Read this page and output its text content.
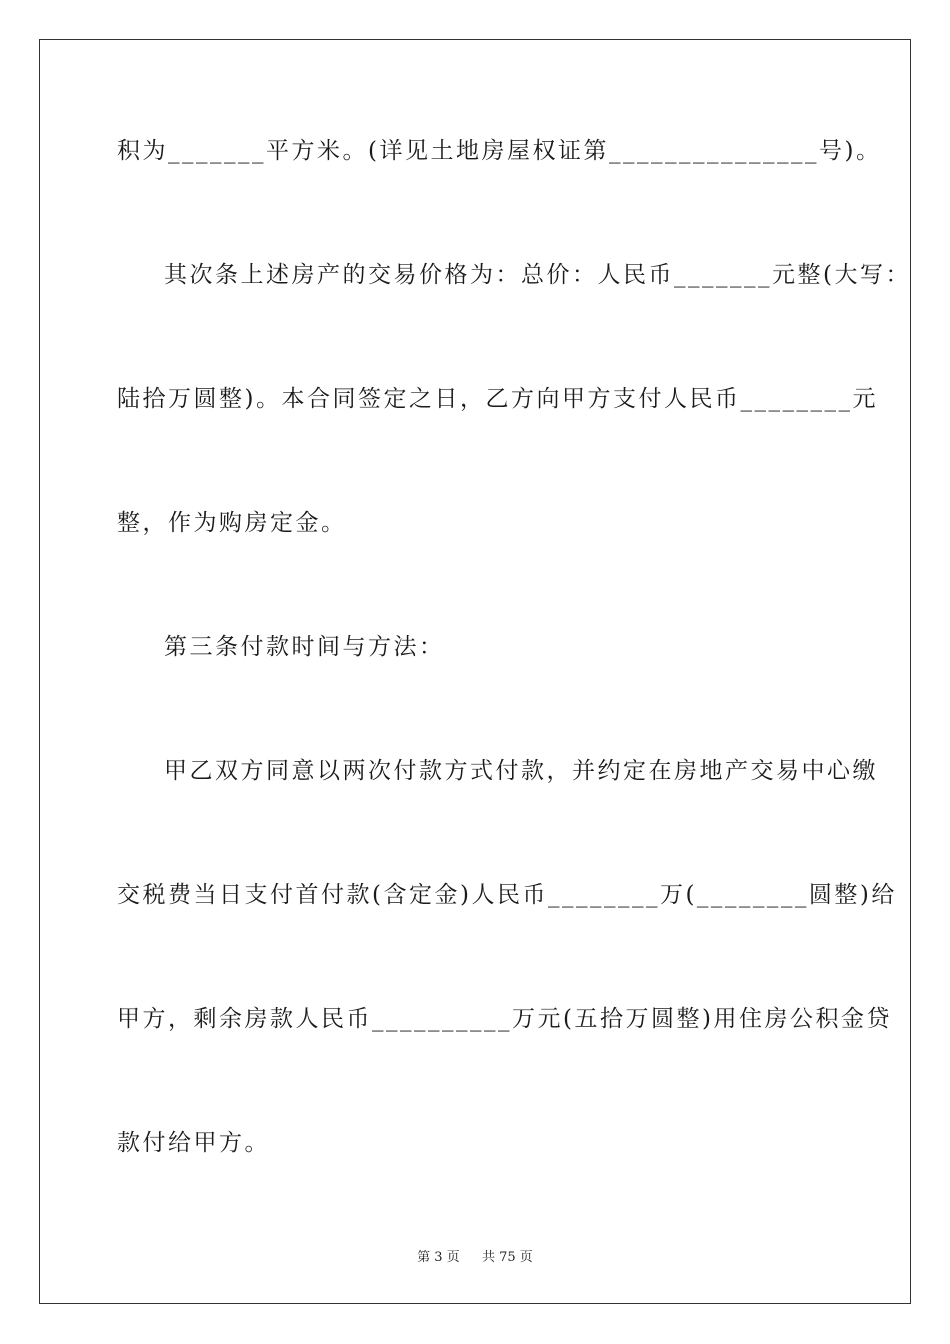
积为_______平方米。(详见土地房屋权证第_______________号)。
其次条上述房产的交易价格为：总价：人民币_______元整(大写：
陆拾万圆整)。本合同签定之日，乙方向甲方支付人民币________元
整，作为购房定金。
第三条付款时间与方法：
甲乙双方同意以两次付款方式付款，并约定在房地产交易中心缴
交税费当日支付首付款(含定金)人民币________万(________圆整)给
甲方，剩余房款人民币__________万元(五拾万圆整)用住房公积金贷
款付给甲方。
第 3 页 共 75 页
